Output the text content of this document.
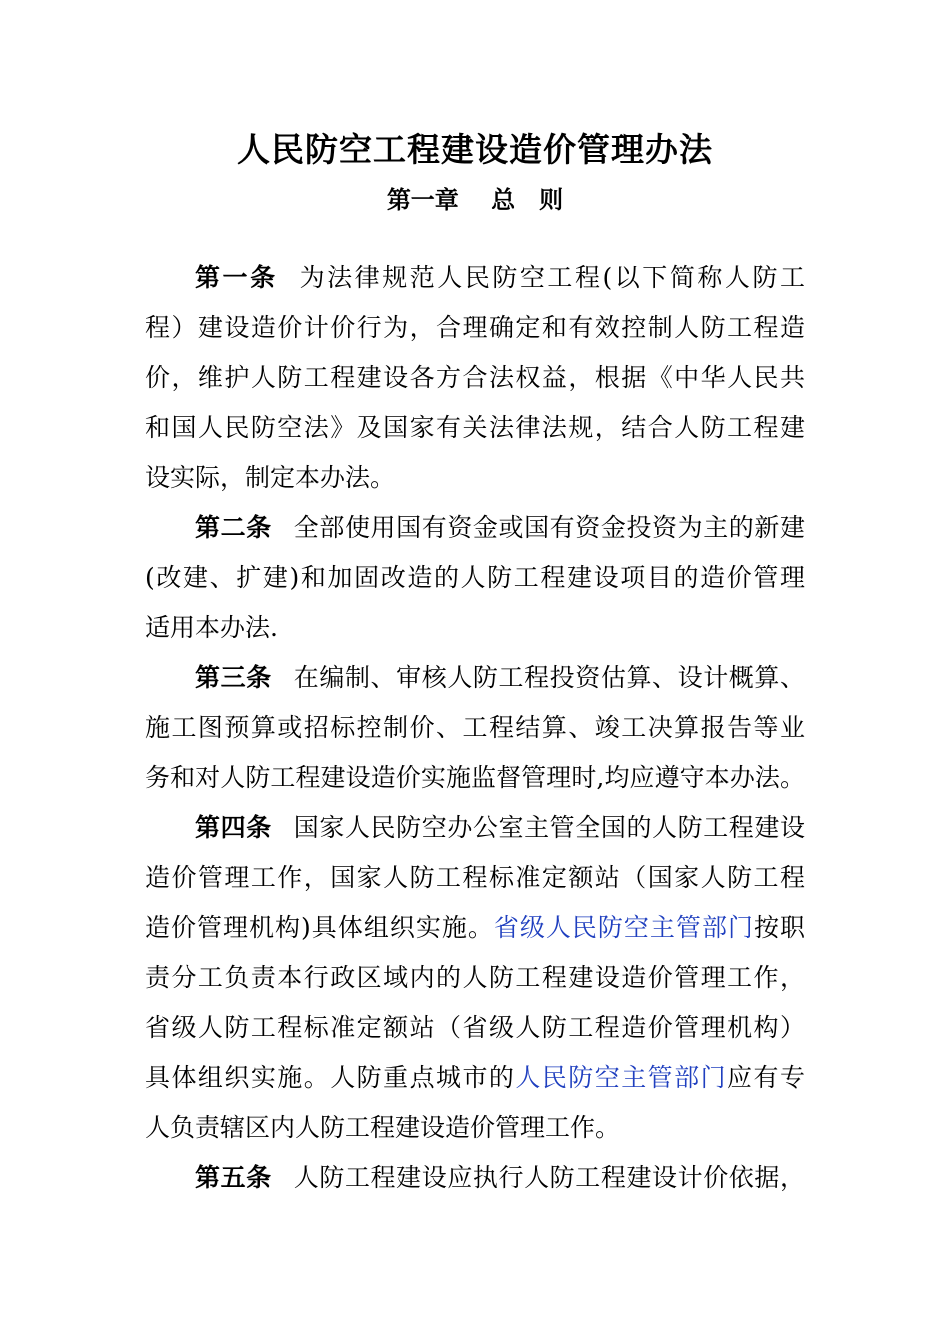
人民防空工程建设造价管理办法
第一章　 总　则
第一条 为法律规范人民防空工程(以下简称人防工
程）建设造价计价行为，合理确定和有效控制人防工程造
价，维护人防工程建设各方合法权益，根据《中华人民共
和国人民防空法》及国家有关法律法规，结合人防工程建
设实际，制定本办法。
第二条 全部使用国有资金或国有资金投资为主的新建
(改建、扩建)和加固改造的人防工程建设项目的造价管理
适用本办法.
第三条 在编制、审核人防工程投资估算、设计概算、
施工图预算或招标控制价、工程结算、竣工决算报告等业
务和对人防工程建设造价实施监督管理时,均应遵守本办法。
第四条 国家人民防空办公室主管全国的人防工程建设
造价管理工作，国家人防工程标准定额站（国家人防工程
造价管理机构)具体组织实施。省级人民防空主管部门按职
责分工负责本行政区域内的人防工程建设造价管理工作，
省级人防工程标准定额站（省级人防工程造价管理机构）
具体组织实施。人防重点城市的人民防空主管部门应有专
人负责辖区内人防工程建设造价管理工作。
第五条 人防工程建设应执行人防工程建设计价依据，
